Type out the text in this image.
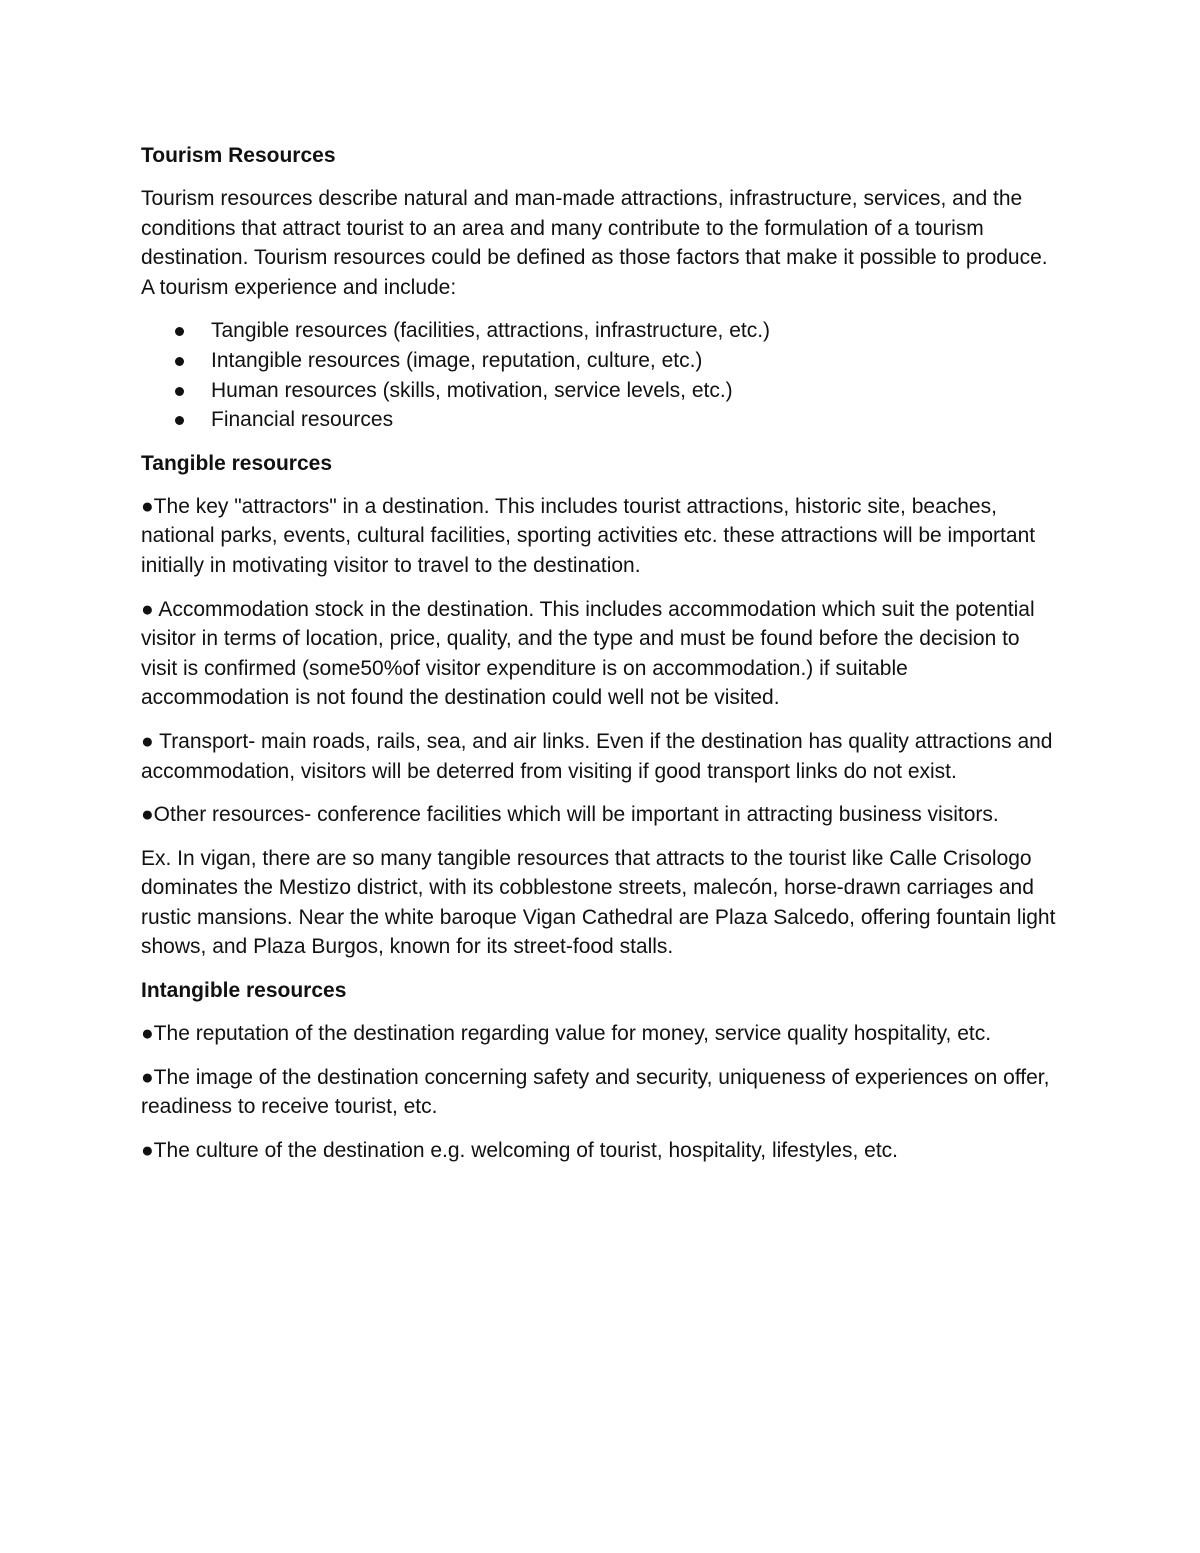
Tourism Resources

Tourism resources describe natural and man-made attractions, infrastructure, services, and the conditions that attract tourist to an area and many contribute to the formulation of a tourism destination. Tourism resources could be defined as those factors that make it possible to produce. A tourism experience and include:

Tangible resources (facilities, attractions, infrastructure, etc.)
Intangible resources (image, reputation, culture, etc.)
Human resources (skills, motivation, service levels, etc.)
Financial resources
Tangible resources

●The key "attractors" in a destination. This includes tourist attractions, historic site, beaches, national parks, events, cultural facilities, sporting activities etc. these attractions will be important initially in motivating visitor to travel to the destination.

● Accommodation stock in the destination. This includes accommodation which suit the potential visitor in terms of location, price, quality, and the type and must be found before the decision to visit is confirmed (some50%of visitor expenditure is on accommodation.) if suitable accommodation is not found the destination could well not be visited.

● Transport- main roads, rails, sea, and air links. Even if the destination has quality attractions and accommodation, visitors will be deterred from visiting if good transport links do not exist.

●Other resources- conference facilities which will be important in attracting business visitors.

Ex. In vigan, there are so many tangible resources that attracts to the tourist like Calle Crisologo dominates the Mestizo district, with its cobblestone streets, malecón, horse-drawn carriages and rustic mansions. Near the white baroque Vigan Cathedral are Plaza Salcedo, offering fountain light shows, and Plaza Burgos, known for its street-food stalls.

Intangible resources

●The reputation of the destination regarding value for money, service quality hospitality, etc.

●The image of the destination concerning safety and security, uniqueness of experiences on offer, readiness to receive tourist, etc.

●The culture of the destination e.g. welcoming of tourist, hospitality, lifestyles, etc.
